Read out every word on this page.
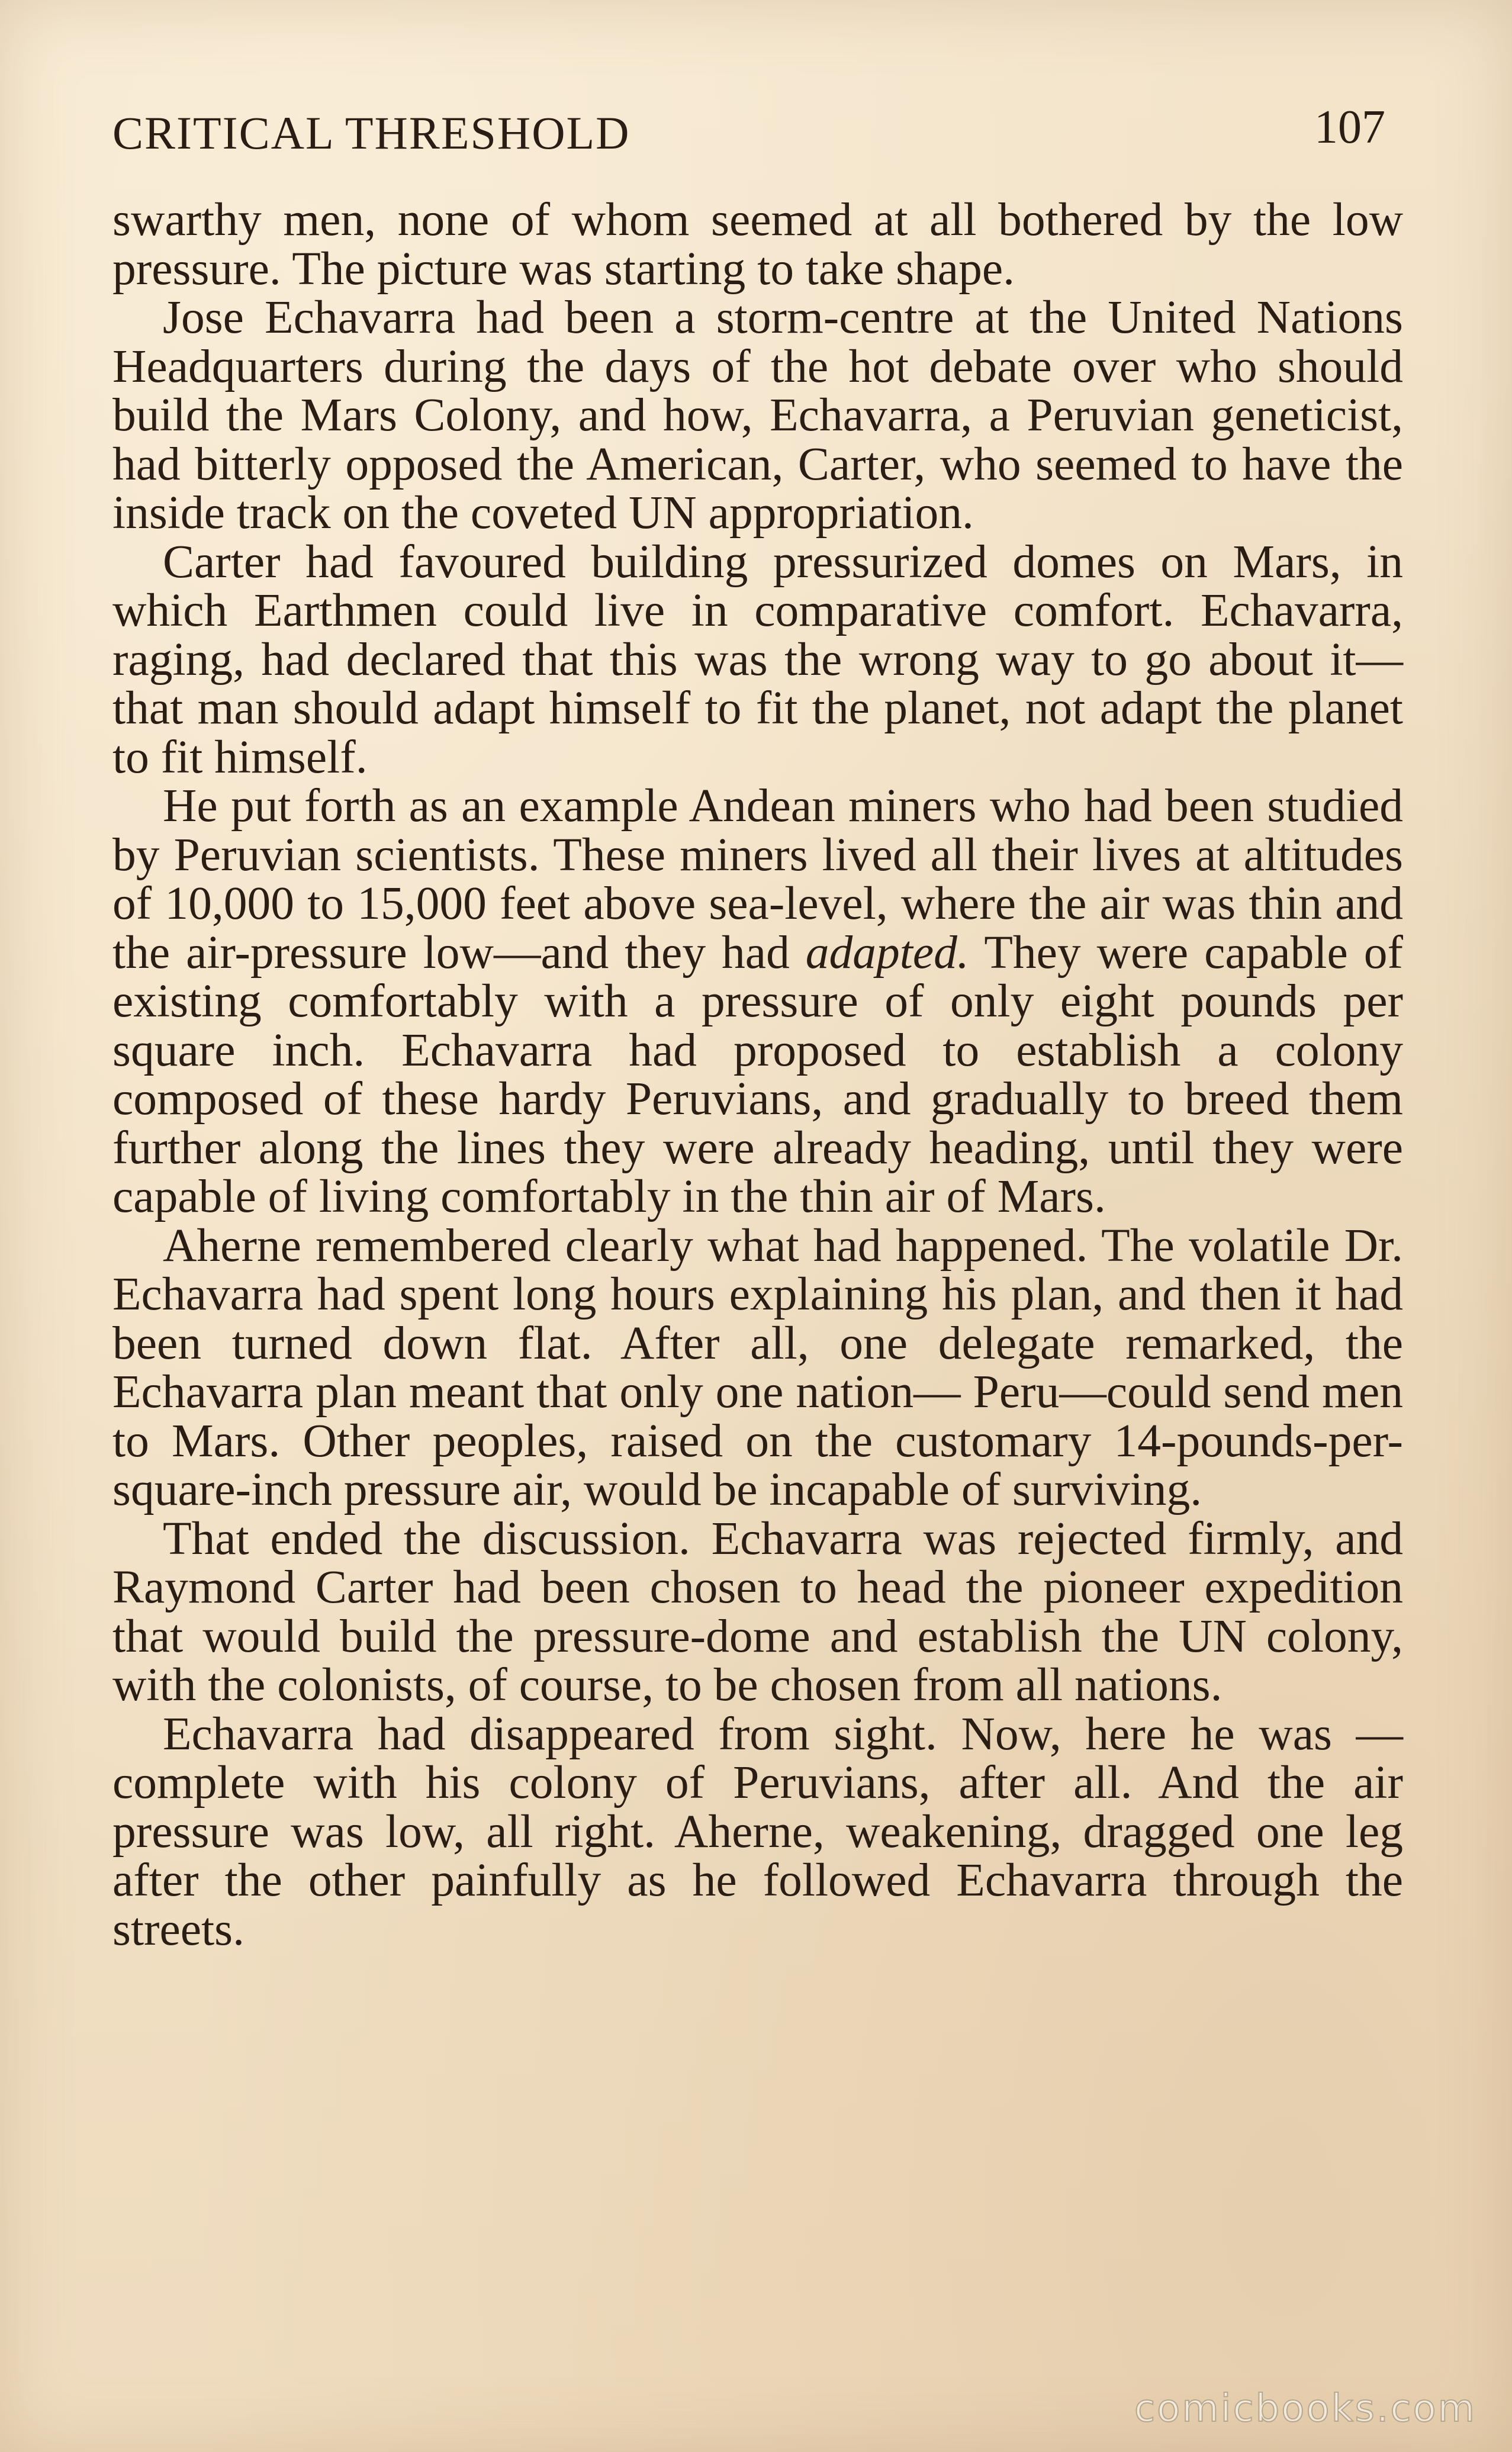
CRITICAL THRESHOLD	107

swarthy men, none of whom seemed at all bothered by the low pressure. The picture was starting to take shape.

Jose Echavarra had been a storm-centre at the United Nations Headquarters during the days of the hot debate over who should build the Mars Colony, and how, Echavarra, a Peruvian geneticist, had bitterly opposed the American, Carter, who seemed to have the inside track on the coveted UN appropriation.

Carter had favoured building pressurized domes on Mars, in which Earthmen could live in comparative comfort. Echavarra, raging, had declared that this was the wrong way to go about it—that man should adapt himself to fit the planet, not adapt the planet to fit himself.

He put forth as an example Andean miners who had been studied by Peruvian scientists. These miners lived all their lives at altitudes of 10,000 to 15,000 feet above sea-level, where the air was thin and the air-pressure low—and they had adapted. They were capable of existing comfortably with a pressure of only eight pounds per square inch. Echavarra had proposed to establish a colony composed of these hardy Peruvians, and gradually to breed them further along the lines they were already heading, until they were capable of living comfortably in the thin air of Mars.

Aherne remembered clearly what had happened. The volatile Dr. Echavarra had spent long hours explaining his plan, and then it had been turned down flat. After all, one delegate remarked, the Echavarra plan meant that only one nation— Peru—could send men to Mars. Other peoples, raised on the customary 14-pounds-per-square-inch pressure air, would be incapable of surviving.

That ended the discussion. Echavarra was rejected firmly, and Raymond Carter had been chosen to head the pioneer expedition that would build the pressure-dome and establish the UN colony, with the colonists, of course, to be chosen from all nations.

Echavarra had disappeared from sight. Now, here he was —complete with his colony of Peruvians, after all. And the air pressure was low, all right. Aherne, weakening, dragged one leg after the other painfully as he followed Echavarra through the streets.

comicbooks.com
